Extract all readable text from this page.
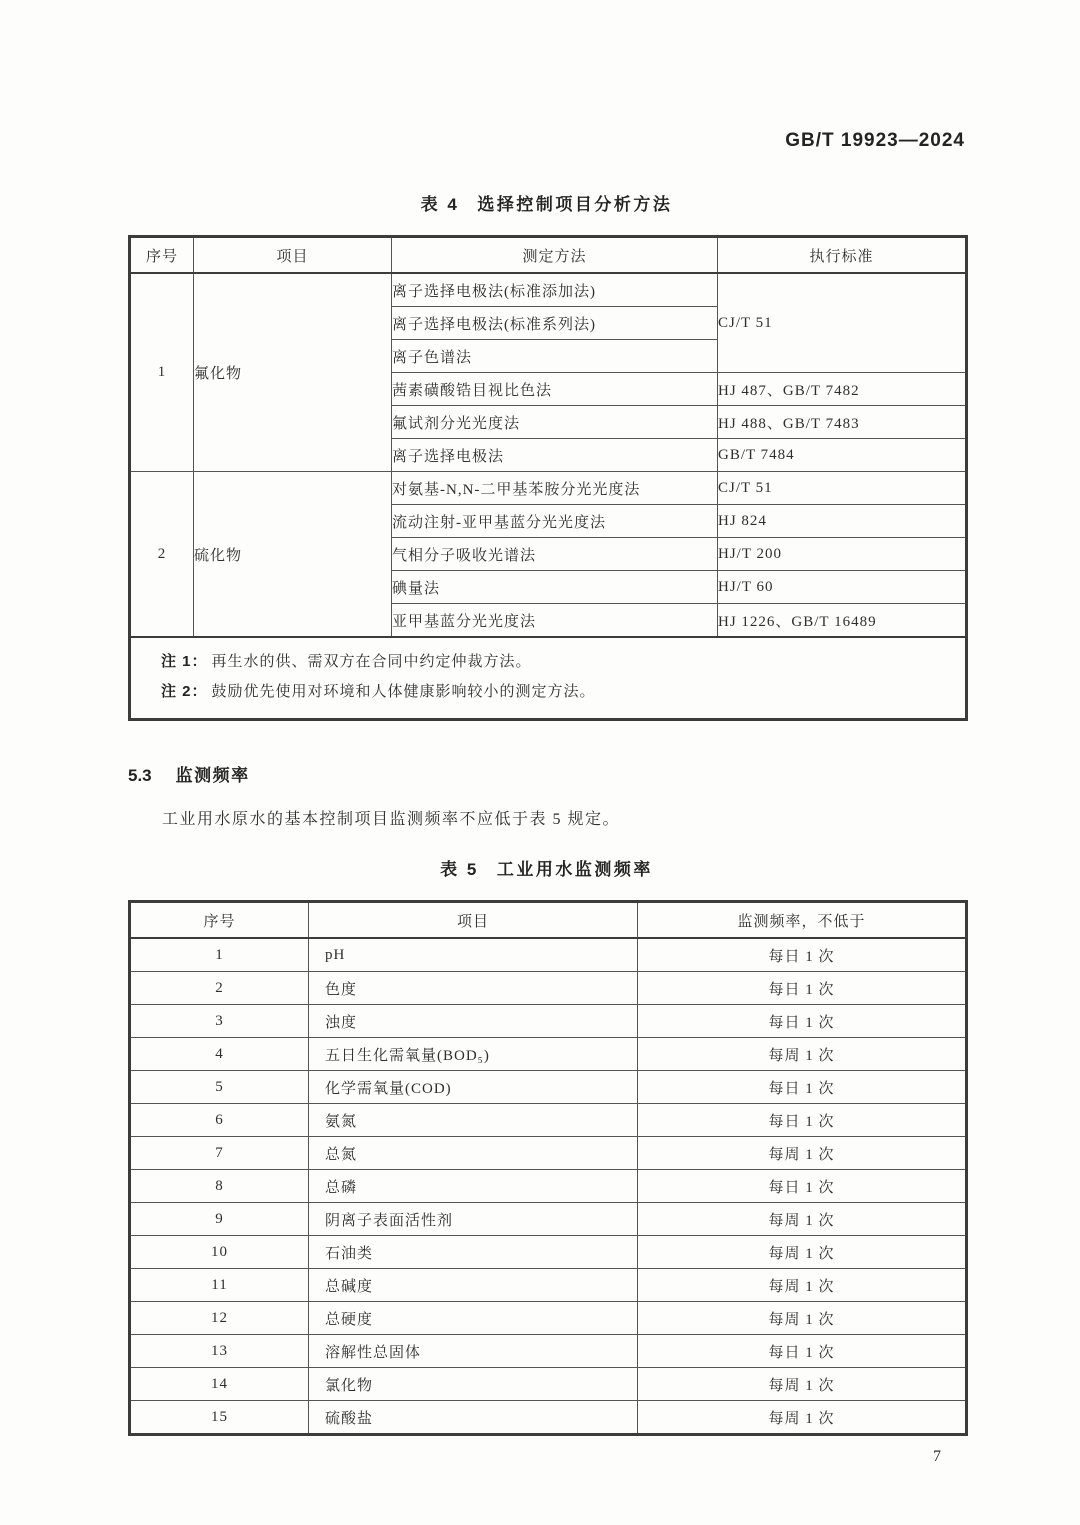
GB/T 19923—2024
表 4 选择控制项目分析方法
序号	项目	测定方法	执行标准
1	氟化物	离子选择电极法(标准添加法)	CJ/T 51
		离子选择电极法(标准系列法)	
		离子色谱法	
		茜素磺酸锆目视比色法	HJ 487、GB/T 7482
		氟试剂分光光度法	HJ 488、GB/T 7483
		离子选择电极法	GB/T 7484
2	硫化物	对氨基-N,N-二甲基苯胺分光光度法	CJ/T 51
		流动注射-亚甲基蓝分光光度法	HJ 824
		气相分子吸收光谱法	HJ/T 200
		碘量法	HJ/T 60
		亚甲基蓝分光光度法	HJ 1226、GB/T 16489

注 1： 再生水的供、需双方在合同中约定仲裁方法。
注 2： 鼓励优先使用对环境和人体健康影响较小的测定方法。			
5.3 监测频率

工业用水原水的基本控制项目监测频率不应低于表 5 规定。

表 5 工业用水监测频率
序号	项目	监测频率，不低于
1	pH	每日 1 次
2	色度	每日 1 次
3	浊度	每日 1 次
4	五日生化需氧量(BOD₅)	每周 1 次
5	化学需氧量(COD)	每日 1 次
6	氨氮	每日 1 次
7	总氮	每周 1 次
8	总磷	每日 1 次
9	阴离子表面活性剂	每周 1 次
10	石油类	每周 1 次
11	总碱度	每周 1 次
12	总硬度	每周 1 次
13	溶解性总固体	每日 1 次
14	氯化物	每周 1 次
15	硫酸盐	每周 1 次
7
